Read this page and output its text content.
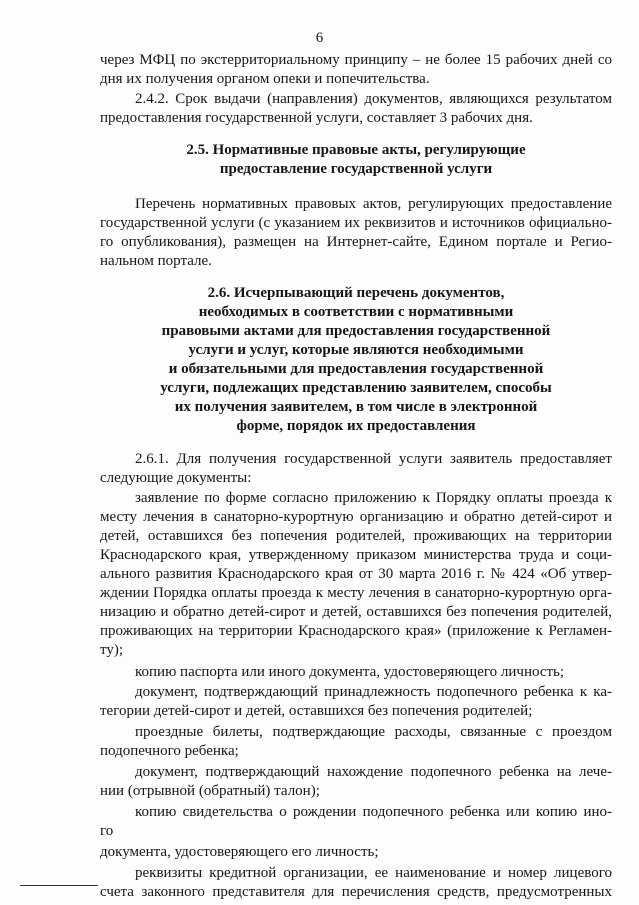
6
через МФЦ по экстерриториальному принципу – не более 15 рабочих дней со
дня их получения органом опеки и попечительства.
2.4.2. Срок выдачи (направления) документов, являющихся результатом
предоставления государственной услуги, составляет 3 рабочих дня.
2.5. Нормативные правовые акты, регулирующие
предоставление государственной услуги
Перечень нормативных правовых актов, регулирующих предоставление
государственной услуги (с указанием их реквизитов и источников официально-
го опубликования), размещен на Интернет-сайте, Едином портале и Регио-
нальном портале.
2.6. Исчерпывающий перечень документов,
необходимых в соответствии с нормативными
правовыми актами для предоставления государственной
услуги и услуг, которые являются необходимыми
и обязательными для предоставления государственной
услуги, подлежащих представлению заявителем, способы
их получения заявителем, в том числе в электронной
форме, порядок их предоставления
2.6.1. Для получения государственной услуги заявитель предоставляет
следующие документы:
заявление по форме согласно приложению к Порядку оплаты проезда к
месту лечения в санаторно-курортную организацию и обратно детей-сирот и
детей, оставшихся без попечения родителей, проживающих на территории
Краснодарского края, утвержденному приказом министерства труда и соци-
ального развития Краснодарского края от 30 марта 2016 г. № 424 «Об утвер-
ждении Порядка оплаты проезда к месту лечения в санаторно-курортную орга-
низацию и обратно детей-сирот и детей, оставшихся без попечения родителей,
проживающих на территории Краснодарского края» (приложение к Регламен-
ту);
копию паспорта или иного документа, удостоверяющего личность;
документ, подтверждающий принадлежность подопечного ребенка к ка-
тегории детей-сирот и детей, оставшихся без попечения родителей;
проездные билеты, подтверждающие расходы, связанные с проездом
подопечного ребенка;
документ, подтверждающий нахождение подопечного ребенка на лече-
нии (отрывной (обратный) талон);
копию свидетельства о рождении подопечного ребенка или копию ино-
го
документа, удостоверяющего его личность;
реквизиты кредитной организации, ее наименование и номер лицевого
счета законного представителя для перечисления средств, предусмотренных
